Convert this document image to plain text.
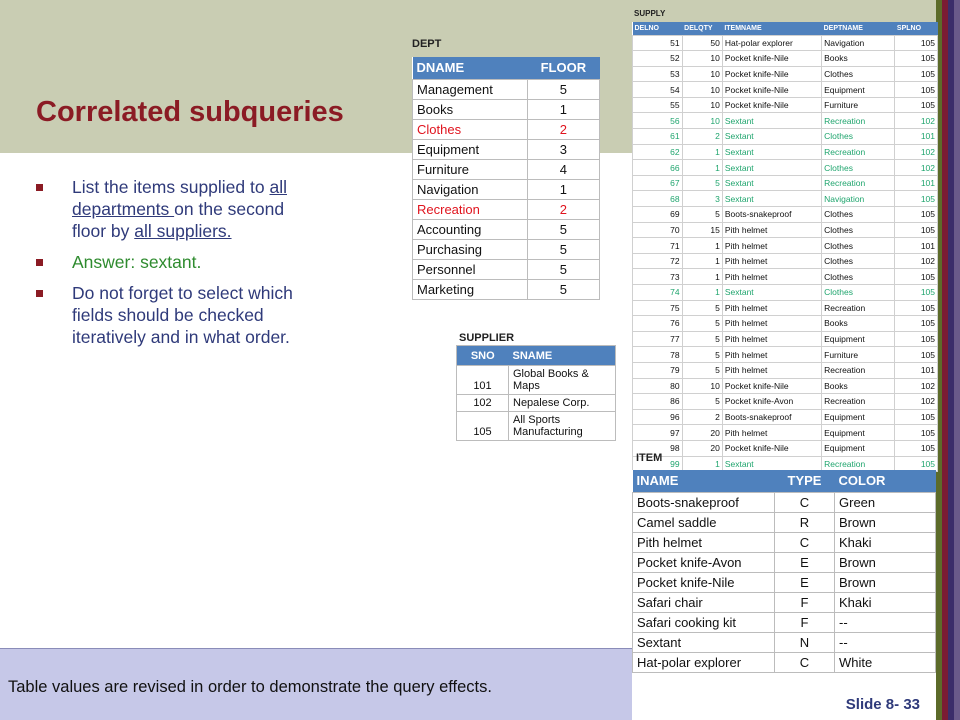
Correlated subqueries
List the items supplied to all departments on the second floor by all suppliers.
Answer: sextant.
Do not forget to select which fields should be checked iteratively and in what order.
DEPT
DNAME	FLOOR
Management	5
Books	1
Clothes	2
Equipment	3
Furniture	4
Navigation	1
Recreation	2
Accounting	5
Purchasing	5
Personnel	5
Marketing	5
SUPPLIER
SNO	SNAME
101	Global Books & Maps
102	Nepalese Corp.
105	All Sports Manufacturing
SUPPLY
DELNO	DELQTY	ITEMNAME	DEPTNAME	SPLNO
51	50	Hat-polar explorer	Navigation	105
52	10	Pocket knife-Nile	Books	105
53	10	Pocket knife-Nile	Clothes	105
54	10	Pocket knife-Nile	Equipment	105
55	10	Pocket knife-Nile	Furniture	105
56	10	Sextant	Recreation	102
61	2	Sextant	Clothes	101
62	1	Sextant	Recreation	102
66	1	Sextant	Clothes	102
67	5	Sextant	Recreation	101
68	3	Sextant	Navigation	105
69	5	Boots-snakeproof	Clothes	105
70	15	Pith helmet	Clothes	105
71	1	Pith helmet	Clothes	101
72	1	Pith helmet	Clothes	102
73	1	Pith helmet	Clothes	105
74	1	Sextant	Clothes	105
75	5	Pith helmet	Recreation	105
76	5	Pith helmet	Books	105
77	5	Pith helmet	Equipment	105
78	5	Pith helmet	Furniture	105
79	5	Pith helmet	Recreation	101
80	10	Pocket knife-Nile	Books	102
86	5	Pocket knife-Avon	Recreation	102
96	2	Boots-snakeproof	Equipment	105
97	20	Pith helmet	Equipment	105
98	20	Pocket knife-Nile	Equipment	105
99	1	Sextant	Recreation	105
ITEM
INAME	TYPE	COLOR
Boots-snakeproof	C	Green
Camel saddle	R	Brown
Pith helmet	C	Khaki
Pocket knife-Avon	E	Brown
Pocket knife-Nile	E	Brown
Safari chair	F	Khaki
Safari cooking kit	F	--
Sextant	N	--
Hat-polar explorer	C	White
Table values are revised in order to demonstrate the query effects.
Slide 8- 33
